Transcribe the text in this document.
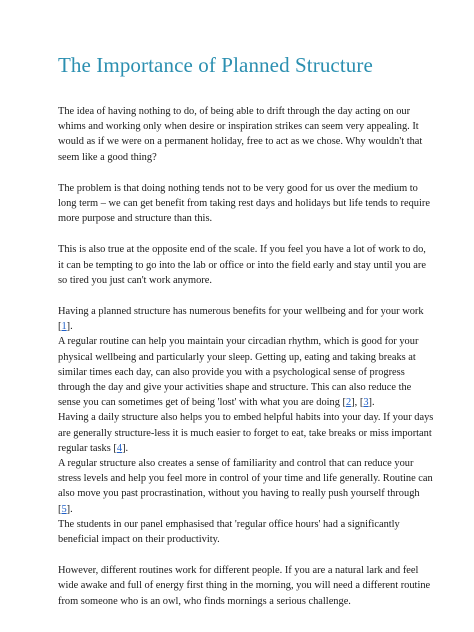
The Importance of Planned Structure

The idea of having nothing to do, of being able to drift through the day acting on our whims and working only when desire or inspiration strikes can seem very appealing. It would as if we were on a permanent holiday, free to act as we chose. Why wouldn't that seem like a good thing?

The problem is that doing nothing tends not to be very good for us over the medium to long term – we can get benefit from taking rest days and holidays but life tends to require more purpose and structure than this.

This is also true at the opposite end of the scale. If you feel you have a lot of work to do, it can be tempting to go into the lab or office or into the field early and stay until you are so tired you just can't work anymore.

Having a planned structure has numerous benefits for your wellbeing and for your work [1].

A regular routine can help you maintain your circadian rhythm, which is good for your physical wellbeing and particularly your sleep. Getting up, eating and taking breaks at similar times each day, can also provide you with a psychological sense of progress through the day and give your activities shape and structure. This can also reduce the sense you can sometimes get of being 'lost' with what you are doing [2], [3].

Having a daily structure also helps you to embed helpful habits into your day. If your days are generally structure-less it is much easier to forget to eat, take breaks or miss important regular tasks [4].

A regular structure also creates a sense of familiarity and control that can reduce your stress levels and help you feel more in control of your time and life generally. Routine can also move you past procrastination, without you having to really push yourself through [5].

The students in our panel emphasised that 'regular office hours' had a significantly beneficial impact on their productivity.

However, different routines work for different people. If you are a natural lark and feel wide awake and full of energy first thing in the morning, you will need a different routine from someone who is an owl, who finds mornings a serious challenge.
